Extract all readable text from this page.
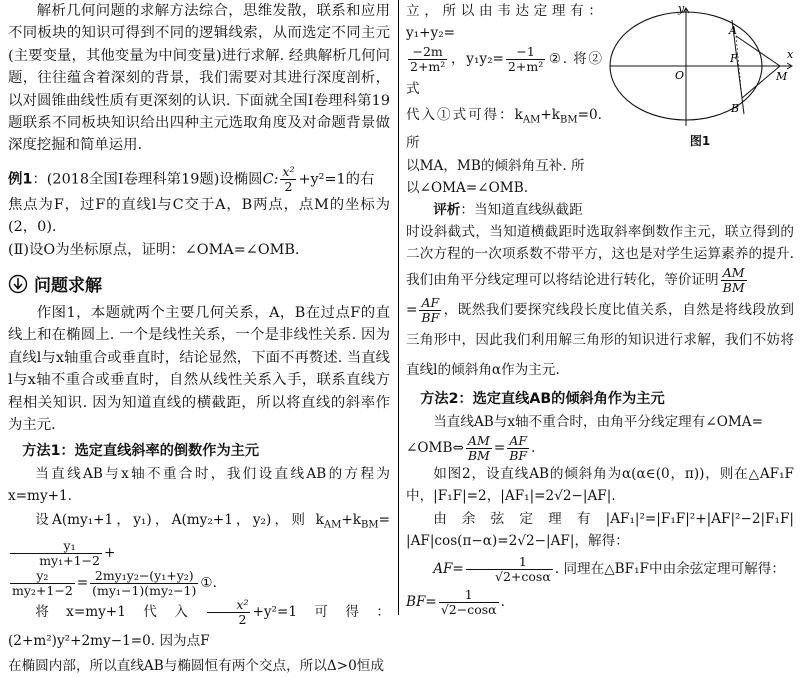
解析几何问题的求解方法综合，思维发散，联系和应用不同板块的知识可得到不同的逻辑线索，从而选定不同主元(主要变量，其他变量为中间变量)进行求解. 经典解析几何问题，往往蕴含着深刻的背景，我们需要对其进行深度剖析，以对圆锥曲线性质有更深刻的认识. 下面就全国Ⅰ卷理科第19题联系不同板块知识给出四种主元选取角度及对命题背景做深度挖掘和简单运用.

例1：(2018全国Ⅰ卷理科第19题)设椭圆C: $\frac{\text{x²}}{2} +y^2=1$的右

焦点为F，过F的直线l与C交于A，B两点，点M的坐标为(2，0).

(Ⅱ)设O为坐标原点，证明：∠OMA=∠OMB.

问题求解

作图1，本题就两个主要几何关系，A，B在过点F的直线上和在椭圆上. 一个是线性关系，一个是非线性关系. 因为直线l与x轴重合或垂直时，结论显然，下面不再赘述. 当直线l与x轴不重合或垂直时，自然从线性关系入手，联系直线方程相关知识. 因为知道直线的横截距，所以将直线的斜率作为主元.

方法1：选定直线斜率的倒数作为主元

当直线AB与x轴不重合时，我们设直线AB的方程为x=my+1.

设A(my₁+1，y₁)，A(my₂+1，y₂)，则 $k_{AM}+k_{BM}=$
$\frac{\text{y₁}}{\text{my₁+1−2}}$ +

$\frac{\text{y₂}}{\text{my₂+1−2}} = \frac{\text{2my₁y₂−(y₁+y₂)}}{\text{(my₁−1)(my₂−1)}}$ ①.

将x=my+1代入 $\frac{\text{x²}}{2} +y^2=1$可得：(2+m²)y²+2my−1=0. 因为点F

在椭圆内部，所以直线AB与椭圆恒有两个交点，所以Δ>0恒成

y
x
O
A
B
F
M
图1

立，所以由韦达定理有：y₁+y₂=

$\frac{-2m}{\text{2+m²}}$ ，$y_1y_2= \frac{-1}{\text{2+m²}}$ ②. 将②式

代入①式可得：$k_{AM}+k_{BM}=0$. 所

以MA，MB的倾斜角互补. 所

以∠OMA=∠OMB.

评析：当知道直线纵截距

时设斜截式，当知道横截距时选取斜率倒数作主元，联立得到的二次方程的一次项系数不带平方，这也是对学生运算素养的提升. 我们由角平分线定理可以将结论进行转化，等价证明 $\frac{AM}{BM}$

= $\frac{AF}{BF}$ ，既然我们要探究线段长度比值关系，自然是将线段放到三角形中，因此我们利用解三角形的知识进行求解，我们不妨将直线l的倾斜角α作为主元.

方法2：选定直线AB的倾斜角作为主元

当直线AB与x轴不重合时，由角平分线定理有∠OMA=

∠OMB⇔ $\frac{AM}{BM} = \frac{AF}{BF}$ .

如图2，设直线AB的倾斜角为α(α∈(0，π))，则在△AF₁F中，|F₁F|=2，|AF₁|=2√2−|AF|.

由余弦定理有|AF₁|²=|F₁F|²+|AF|²−2|F₁F| |AF|cos(π−α)=2√2−|AF|，解得：

$AF= \frac{1}{√2+\cos\alpha}$ . 同理在△BF₁F中由余弦定理可解得：

$BF= \frac{1}{√2-\cos\alpha}$ .
